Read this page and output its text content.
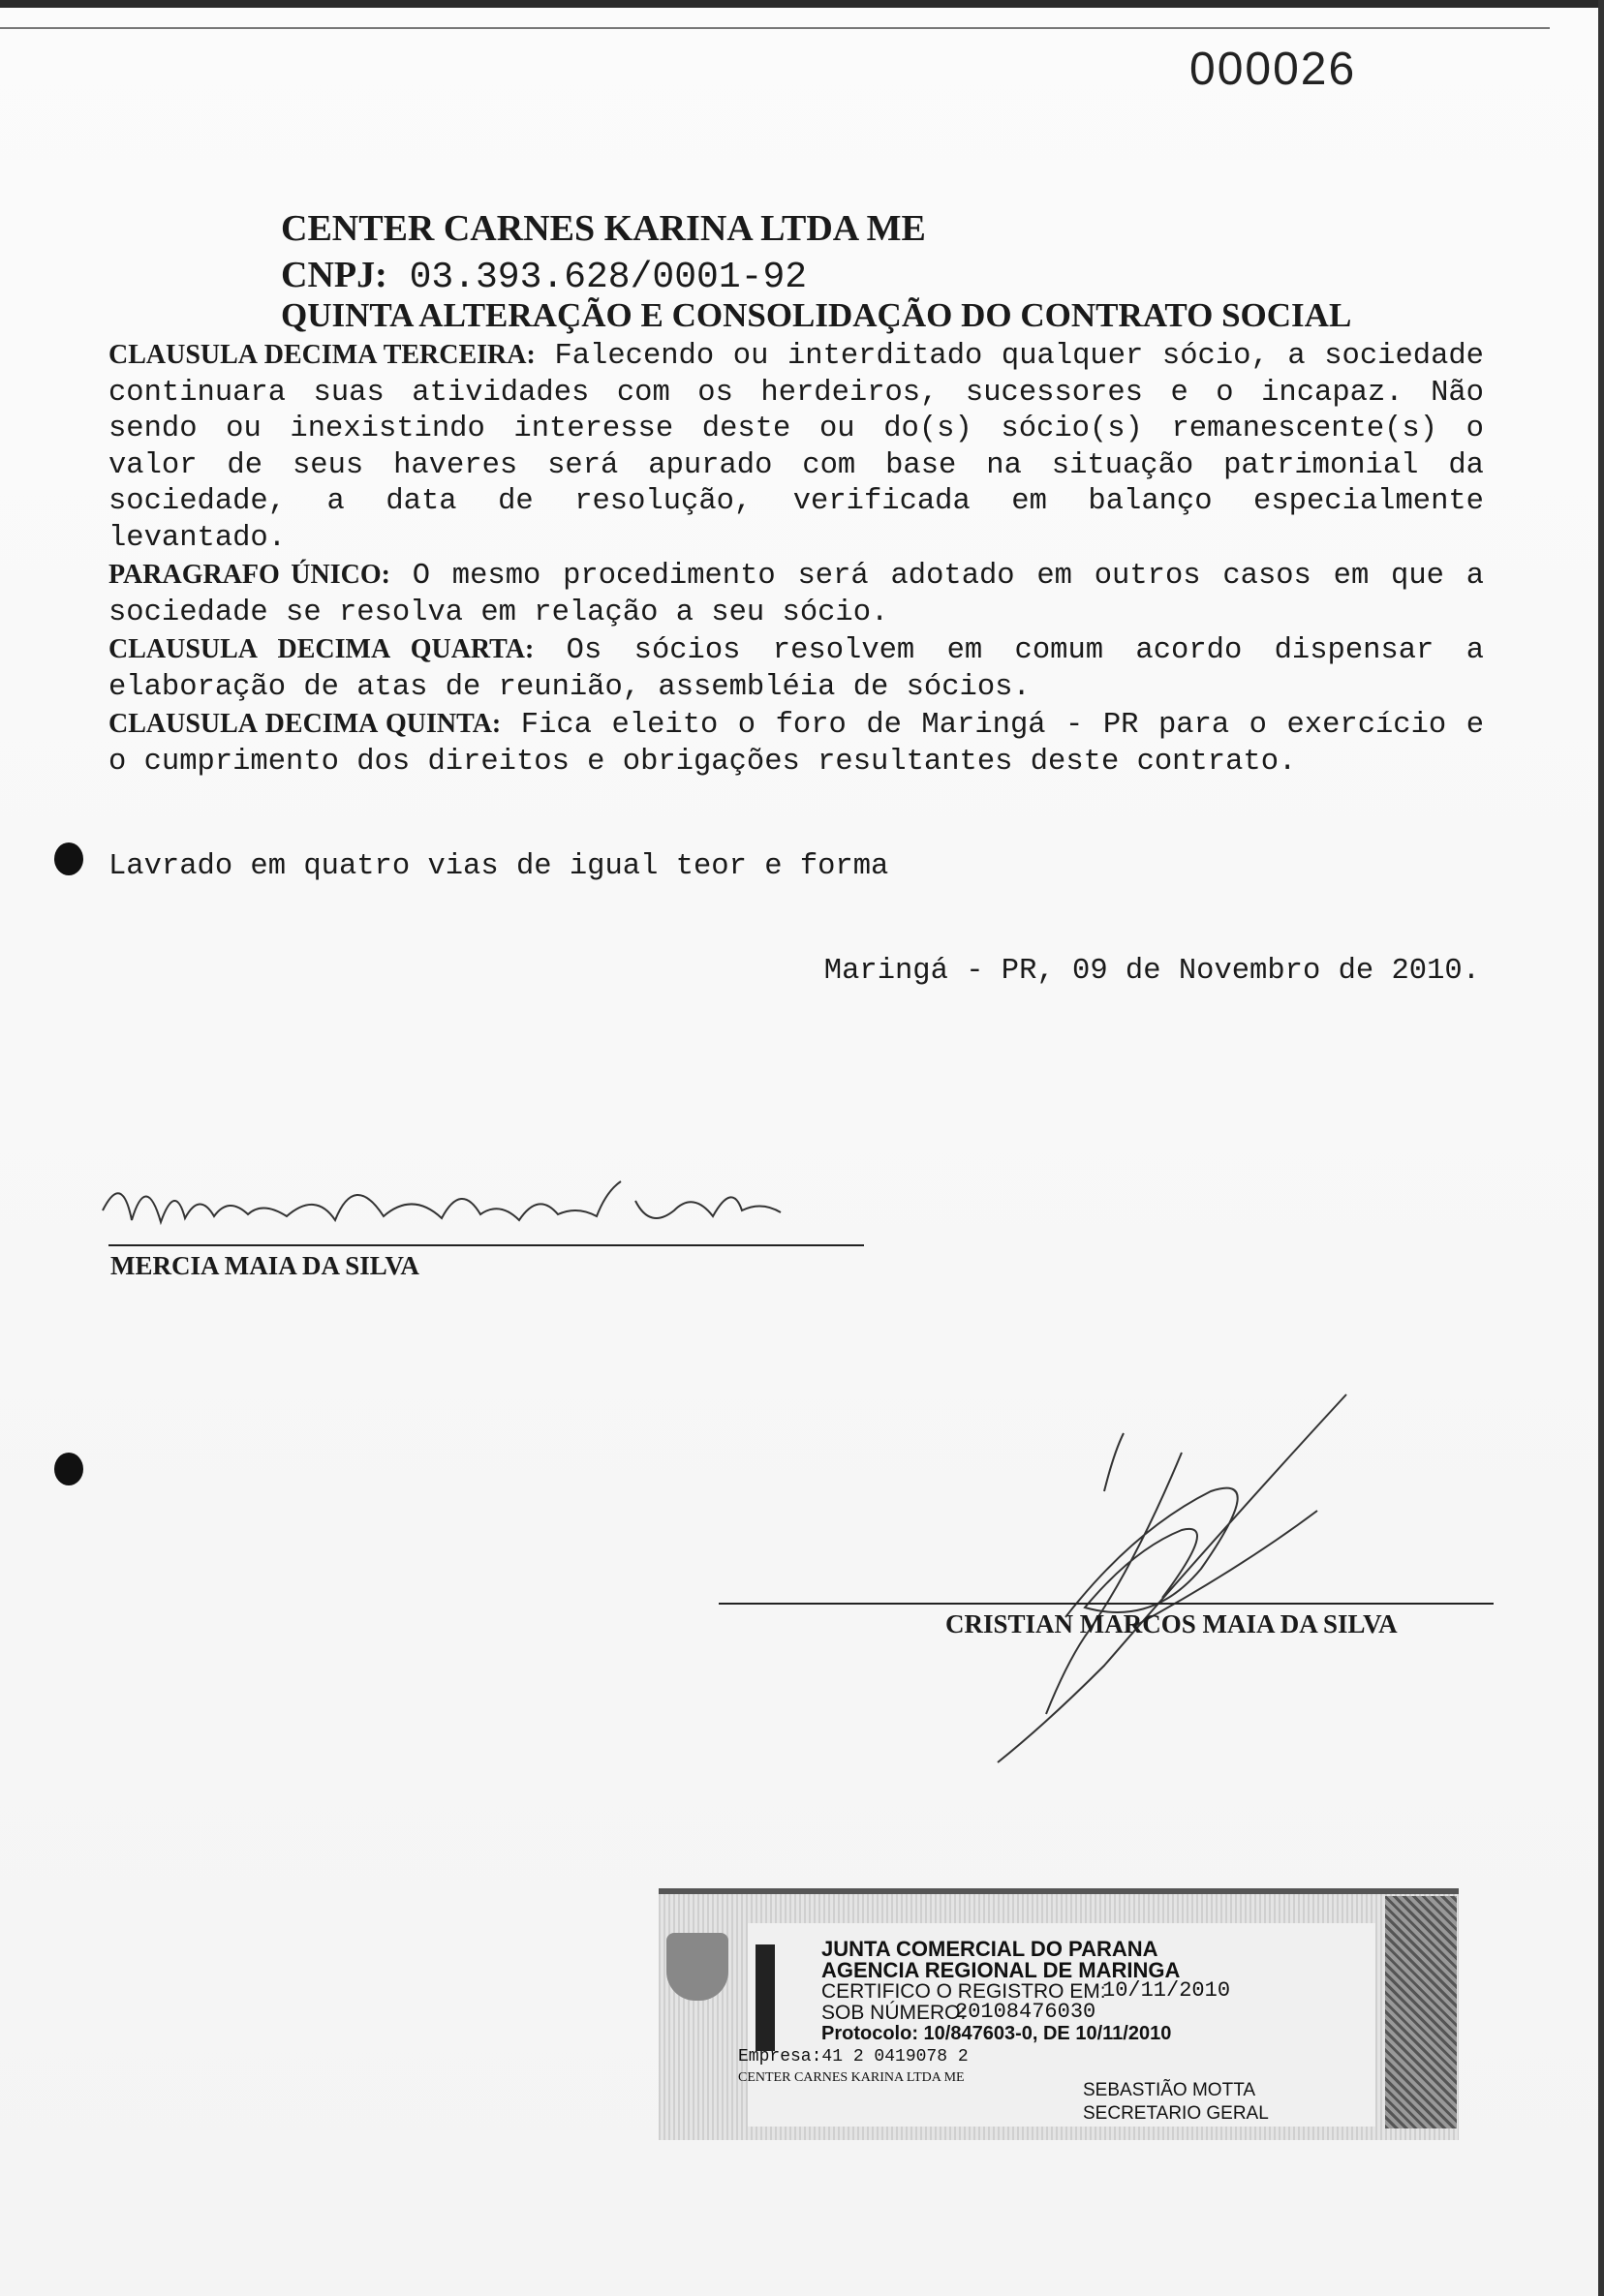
000026
CENTER CARNES KARINA LTDA ME
CNPJ: 03.393.628/0001-92
QUINTA ALTERAÇÃO E CONSOLIDAÇÃO DO CONTRATO SOCIAL

CLAUSULA DECIMA TERCEIRA: Falecendo ou interditado qualquer sócio, a sociedade continuara suas atividades com os herdeiros, sucessores e o incapaz. Não sendo ou inexistindo interesse deste ou do(s) sócio(s) remanescente(s) o valor de seus haveres será apurado com base na situação patrimonial da sociedade, a data de resolução, verificada em balanço especialmente levantado.

PARAGRAFO ÚNICO: O mesmo procedimento será adotado em outros casos em que a sociedade se resolva em relação a seu sócio.

CLAUSULA DECIMA QUARTA: Os sócios resolvem em comum acordo dispensar a elaboração de atas de reunião, assembléia de sócios.

CLAUSULA DECIMA QUINTA: Fica eleito o foro de Maringá - PR para o exercício e o cumprimento dos direitos e obrigações resultantes deste contrato.

Lavrado em quatro vias de igual teor e forma
Maringá - PR, 09 de Novembro de 2010.
MERCIA MAIA DA SILVA
CRISTIAN MARCOS MAIA DA SILVA
JUNTA COMERCIAL DO PARANA
AGENCIA REGIONAL DE MARINGA
CERTIFICO O REGISTRO EM:
10/11/2010
SOB NÚMERO:
20108476030
Protocolo: 10/847603-0, DE 10/11/2010
Empresa:41 2 0419078 2
CENTER CARNES KARINA LTDA ME
SEBASTIÃO MOTTA
SECRETARIO GERAL
